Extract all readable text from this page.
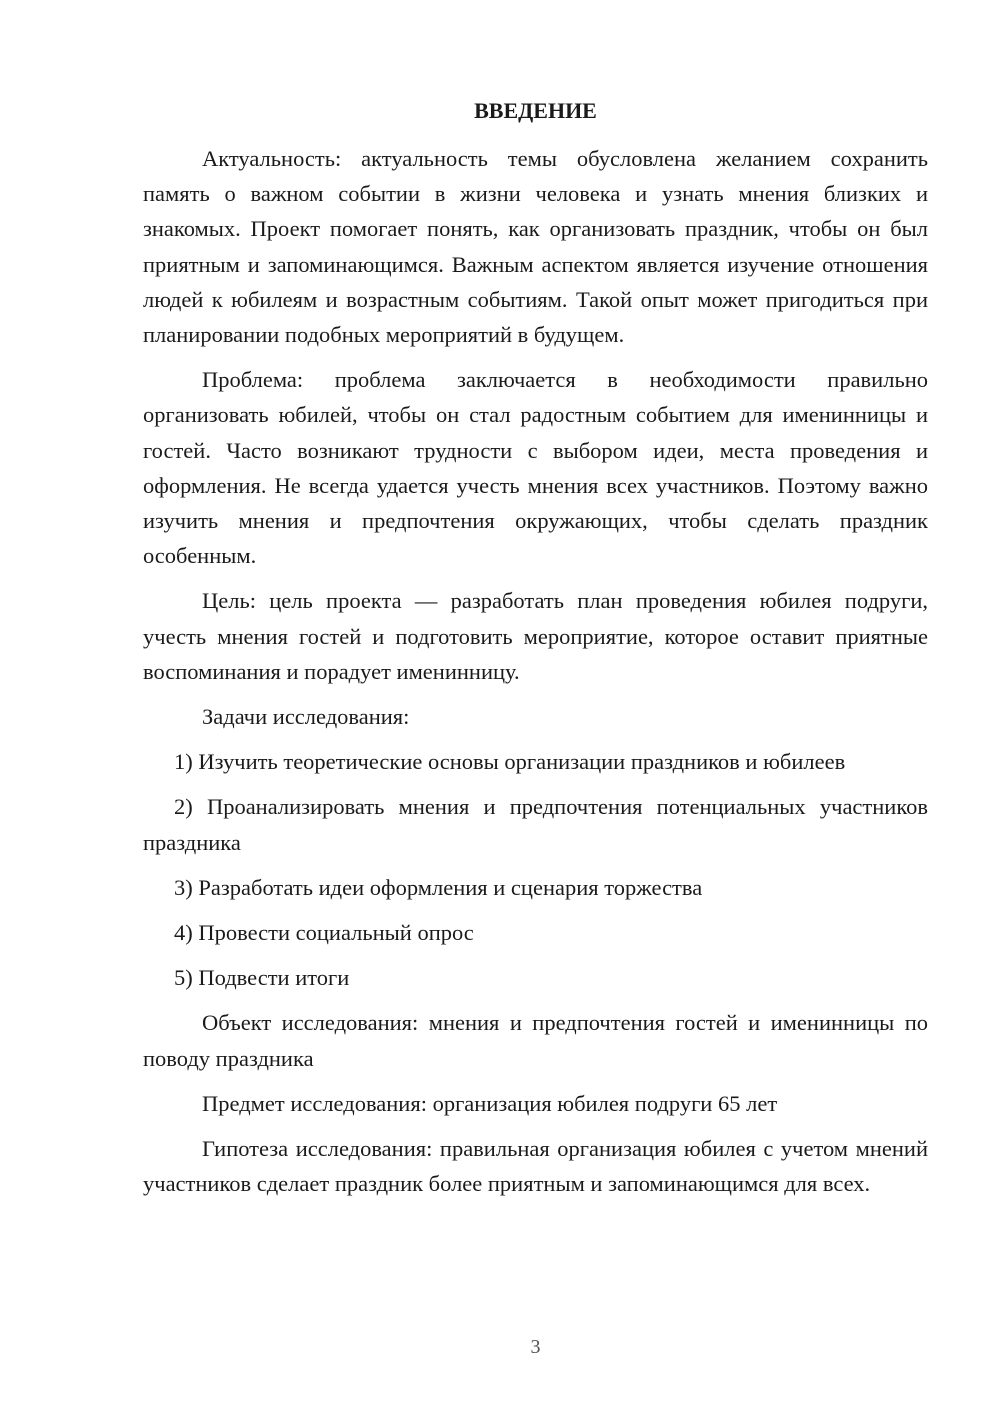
ВВЕДЕНИЕ

Актуальность: актуальность темы обусловлена желанием сохранить память о важном событии в жизни человека и узнать мнения близких и знакомых. Проект помогает понять, как организовать праздник, чтобы он был приятным и запоминающимся. Важным аспектом является изучение отношения людей к юбилеям и возрастным событиям. Такой опыт может пригодиться при планировании подобных мероприятий в будущем.

Проблема: проблема заключается в необходимости правильно организовать юбилей, чтобы он стал радостным событием для именинницы и гостей. Часто возникают трудности с выбором идеи, места проведения и оформления. Не всегда удается учесть мнения всех участников. Поэтому важно изучить мнения и предпочтения окружающих, чтобы сделать праздник особенным.

Цель: цель проекта — разработать план проведения юбилея подруги, учесть мнения гостей и подготовить мероприятие, которое оставит приятные воспоминания и порадует именинницу.

Задачи исследования:

1) Изучить теоретические основы организации праздников и юбилеев

2) Проанализировать мнения и предпочтения потенциальных участников праздника

3) Разработать идеи оформления и сценария торжества

4) Провести социальный опрос

5) Подвести итоги

Объект исследования: мнения и предпочтения гостей и именинницы по поводу праздника

Предмет исследования: организация юбилея подруги 65 лет

Гипотеза исследования: правильная организация юбилея с учетом мнений участников сделает праздник более приятным и запоминающимся для всех.

3
